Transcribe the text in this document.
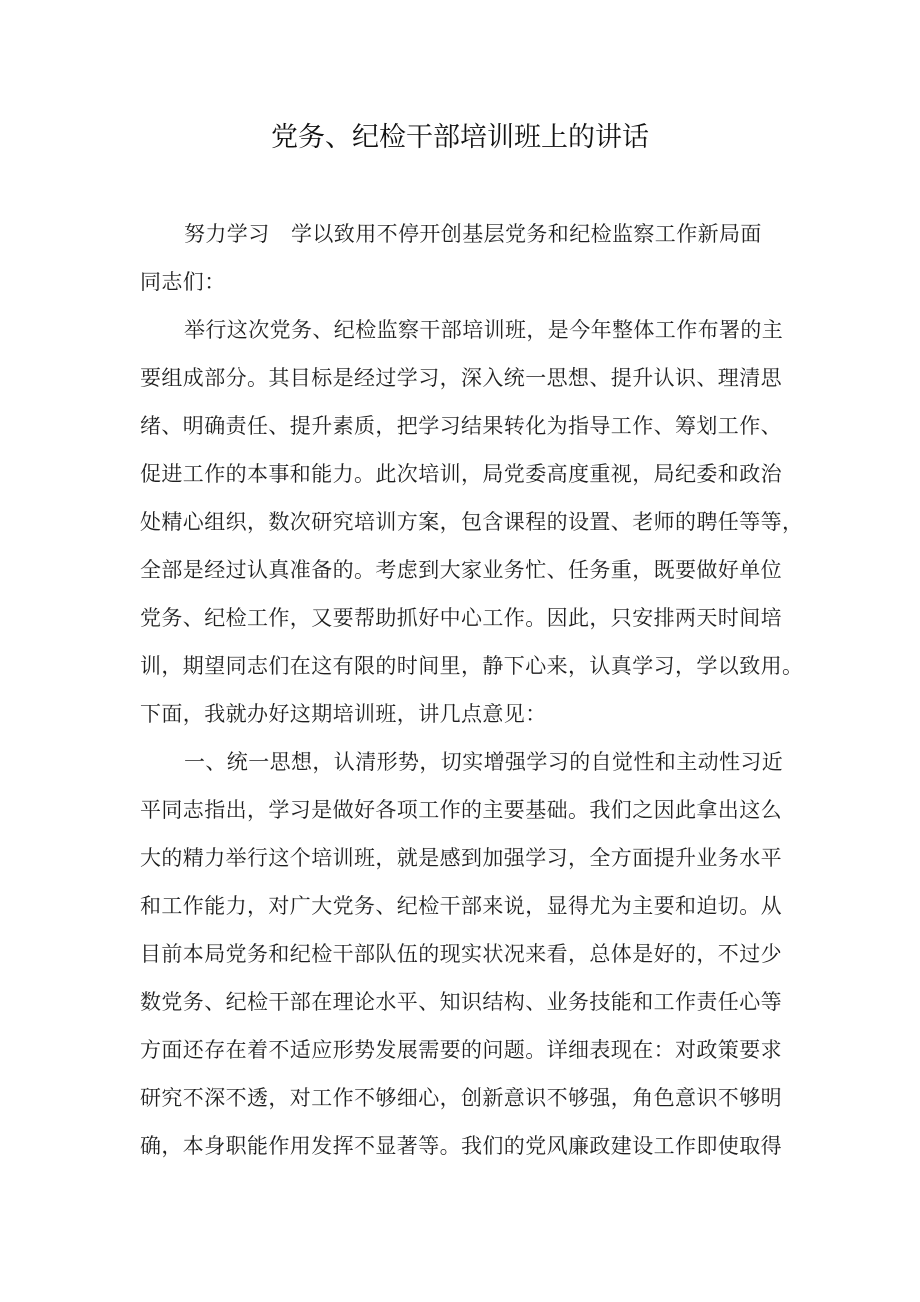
党务、纪检干部培训班上的讲话
努力学习　学以致用不停开创基层党务和纪检监察工作新局面
同志们：
举行这次党务、纪检监察干部培训班，是今年整体工作布署的主
要组成部分。其目标是经过学习，深入统一思想、提升认识、理清思
绪、明确责任、提升素质，把学习结果转化为指导工作、筹划工作、
促进工作的本事和能力。此次培训，局党委高度重视，局纪委和政治
处精心组织，数次研究培训方案，包含课程的设置、老师的聘任等等，
全部是经过认真准备的。考虑到大家业务忙、任务重，既要做好单位
党务、纪检工作，又要帮助抓好中心工作。因此，只安排两天时间培
训，期望同志们在这有限的时间里，静下心来，认真学习，学以致用。
下面，我就办好这期培训班，讲几点意见：
一、统一思想，认清形势，切实增强学习的自觉性和主动性习近
平同志指出，学习是做好各项工作的主要基础。我们之因此拿出这么
大的精力举行这个培训班，就是感到加强学习，全方面提升业务水平
和工作能力，对广大党务、纪检干部来说，显得尤为主要和迫切。从
目前本局党务和纪检干部队伍的现实状况来看，总体是好的，不过少
数党务、纪检干部在理论水平、知识结构、业务技能和工作责任心等
方面还存在着不适应形势发展需要的问题。详细表现在：对政策要求
研究不深不透，对工作不够细心，创新意识不够强，角色意识不够明
确，本身职能作用发挥不显著等。我们的党风廉政建设工作即使取得
